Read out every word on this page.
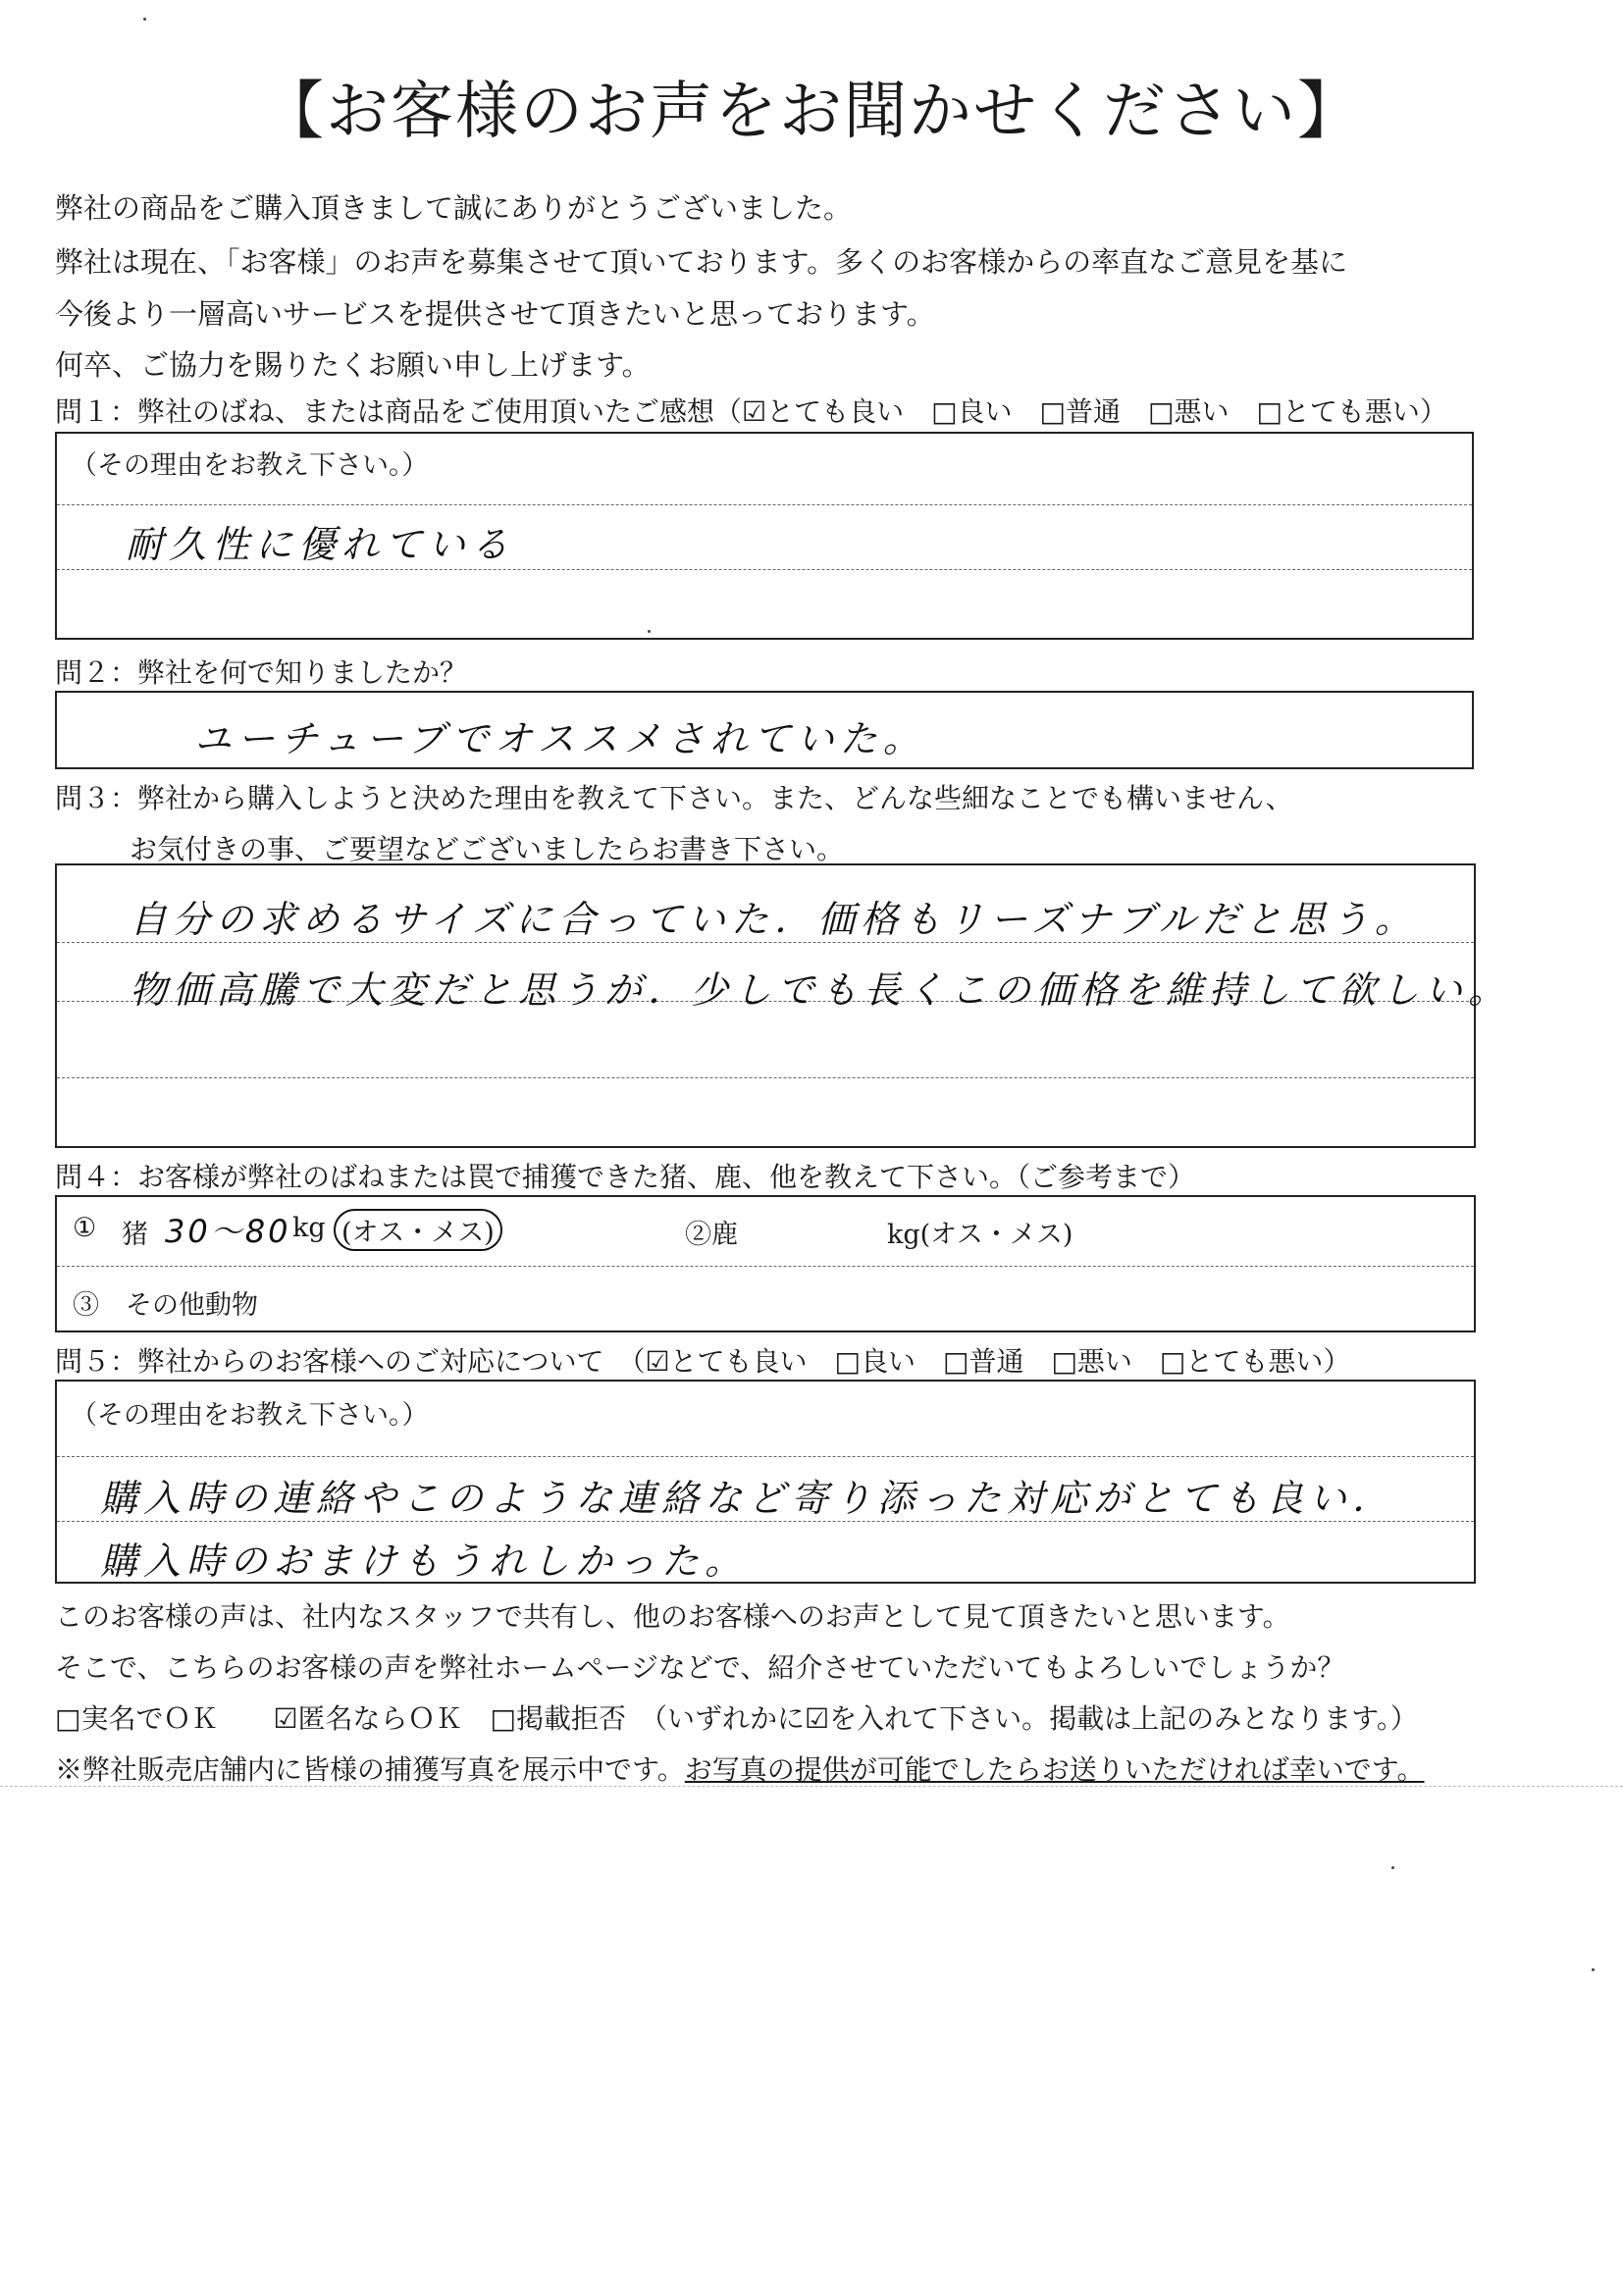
【お客様のお声をお聞かせください】
弊社の商品をご購入頂きまして誠にありがとうございました。
弊社は現在、「お客様」のお声を募集させて頂いております。多くのお客様からの率直なご意見を基に
今後より一層高いサービスを提供させて頂きたいと思っております。
何卒、ご協力を賜りたくお願い申し上げます。
問１：弊社のばね、または商品をご使用頂いたご感想（☑とても良い　□良い　□普通　□悪い　□とても悪い）
（その理由をお教え下さい。）
耐久性に優れている
問２：弊社を何で知りましたか？
ユーチューブでオススメされていた。
問３：弊社から購入しようと決めた理由を教えて下さい。また、どんな些細なことでも構いません、
お気付きの事、ご要望などございましたらお書き下さい。
自分の求めるサイズに合っていた．価格もリーズナブルだと思う。
物価高騰で大変だと思うが．少しでも長くこの価格を維持して欲しい。
問４：お客様が弊社のばねまたは罠で捕獲できた猪、鹿、他を教えて下さい。（ご参考まで）
① 猪 30〜80 kg (オス・メス)	②鹿	kg(オス・メス)
③　その他動物
問５：弊社からのお客様へのご対応について　（☑とても良い　□良い　□普通　□悪い　□とても悪い）
（その理由をお教え下さい。）
購入時の連絡やこのような連絡など寄り添った対応がとても良い．
購入時のおまけもうれしかった。
このお客様の声は、社内なスタッフで共有し、他のお客様へのお声として見て頂きたいと思います。
そこで、こちらのお客様の声を弊社ホームページなどで、紹介させていただいてもよろしいでしょうか？
□実名でＯＫ　　☑匿名ならＯＫ　□掲載拒否　（いずれかに☑を入れて下さい。掲載は上記のみとなります。）
※弊社販売店舗内に皆様の捕獲写真を展示中です。お写真の提供が可能でしたらお送りいただければ幸いです。
